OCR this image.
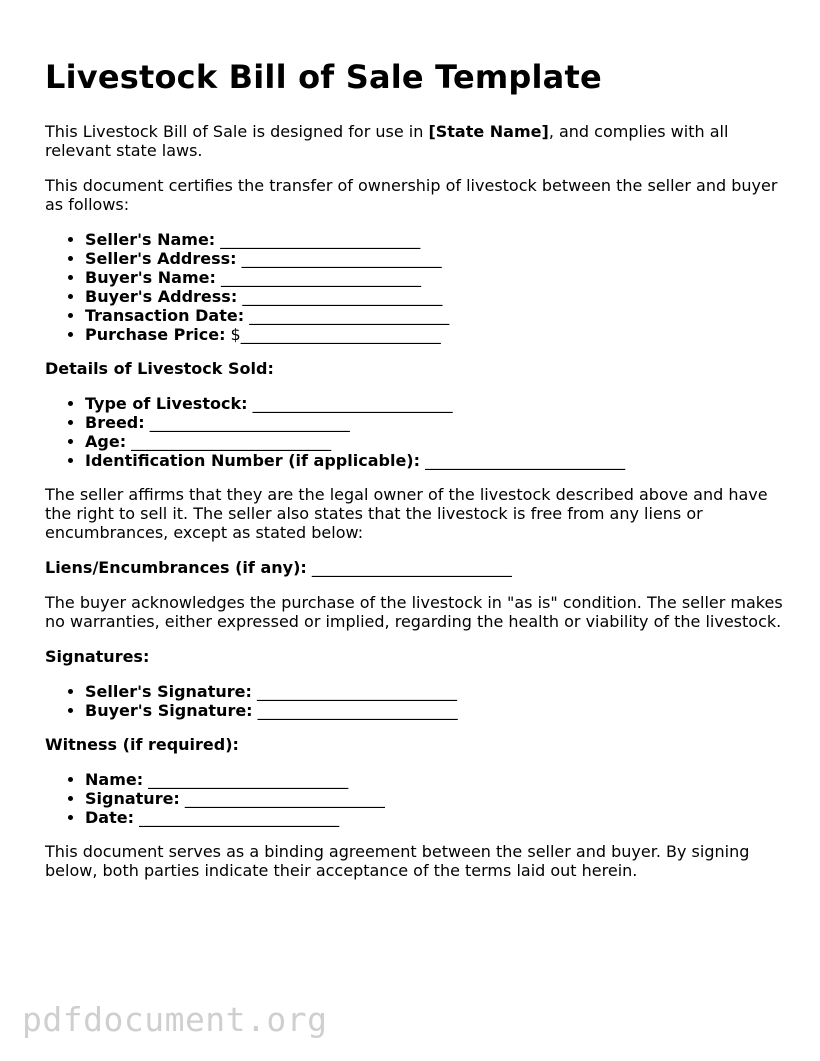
Livestock Bill of Sale Template

This Livestock Bill of Sale is designed for use in [State Name], and complies with all relevant state laws.

This document certifies the transfer of ownership of livestock between the seller and buyer as follows:

• Seller's Name: _________________________
• Seller's Address: _________________________
• Buyer's Name: _________________________
• Buyer's Address: _________________________
• Transaction Date: _________________________
• Purchase Price: $_________________________

Details of Livestock Sold:

• Type of Livestock: _________________________
• Breed: _________________________
• Age: _________________________
• Identification Number (if applicable): _________________________

The seller affirms that they are the legal owner of the livestock described above and have the right to sell it. The seller also states that the livestock is free from any liens or encumbrances, except as stated below:

Liens/Encumbrances (if any): _________________________

The buyer acknowledges the purchase of the livestock in "as is" condition. The seller makes no warranties, either expressed or implied, regarding the health or viability of the livestock.

Signatures:

• Seller's Signature: _________________________
• Buyer's Signature: _________________________

Witness (if required):

• Name: _________________________
• Signature: _________________________
• Date: _________________________

This document serves as a binding agreement between the seller and buyer. By signing below, both parties indicate their acceptance of the terms laid out herein.

pdfdocument.org
